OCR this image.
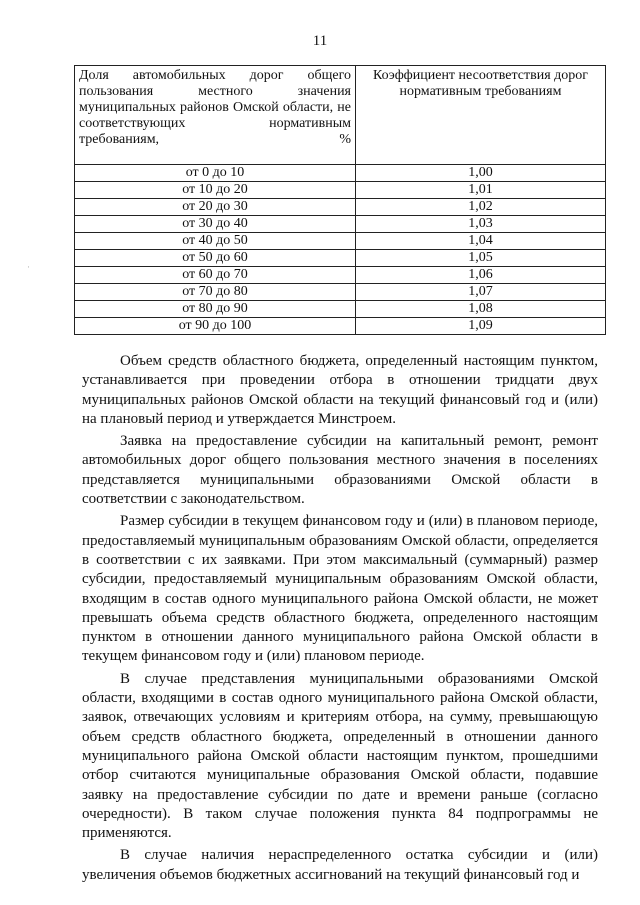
11
Доля автомобильных дорог общего пользования местного значения муниципальных районов Омской области, не соответствующих нормативным требованиям, %	Коэффициент несоответствия дорог нормативным требованиям
от 0 до 10	1,00
от 10 до 20	1,01
от 20 до 30	1,02
от 30 до 40	1,03
от 40 до 50	1,04
от 50 до 60	1,05
от 60 до 70	1,06
от 70 до 80	1,07
от 80 до 90	1,08
от 90 до 100	1,09
·

Объем средств областного бюджета, определенный настоящим пунктом, устанавливается при проведении отбора в отношении тридцати двух муниципальных районов Омской области на текущий финансовый год и (или) на плановый период и утверждается Минстроем.

Заявка на предоставление субсидии на капитальный ремонт, ремонт автомобильных дорог общего пользования местного значения в поселениях представляется муниципальными образованиями Омской области в соответствии с законодательством.

Размер субсидии в текущем финансовом году и (или) в плановом периоде, предоставляемый муниципальным образованиям Омской области, определяется в соответствии с их заявками. При этом максимальный (суммарный) размер субсидии, предоставляемый муниципальным образованиям Омской области, входящим в состав одного муниципального района Омской области, не может превышать объема средств областного бюджета, определенного настоящим пунктом в отношении данного муниципального района Омской области в текущем финансовом году и (или) плановом периоде.

В случае представления муниципальными образованиями Омской области, входящими в состав одного муниципального района Омской области, заявок, отвечающих условиям и критериям отбора, на сумму, превышающую объем средств областного бюджета, определенный в отношении данного муниципального района Омской области настоящим пунктом, прошедшими отбор считаются муниципальные образования Омской области, подавшие заявку на предоставление субсидии по дате и времени раньше (согласно очередности). В таком случае положения пункта 84 подпрограммы не применяются.

В случае наличия нераспределенного остатка субсидии и (или) увеличения объемов бюджетных ассигнований на текущий финансовый год и
